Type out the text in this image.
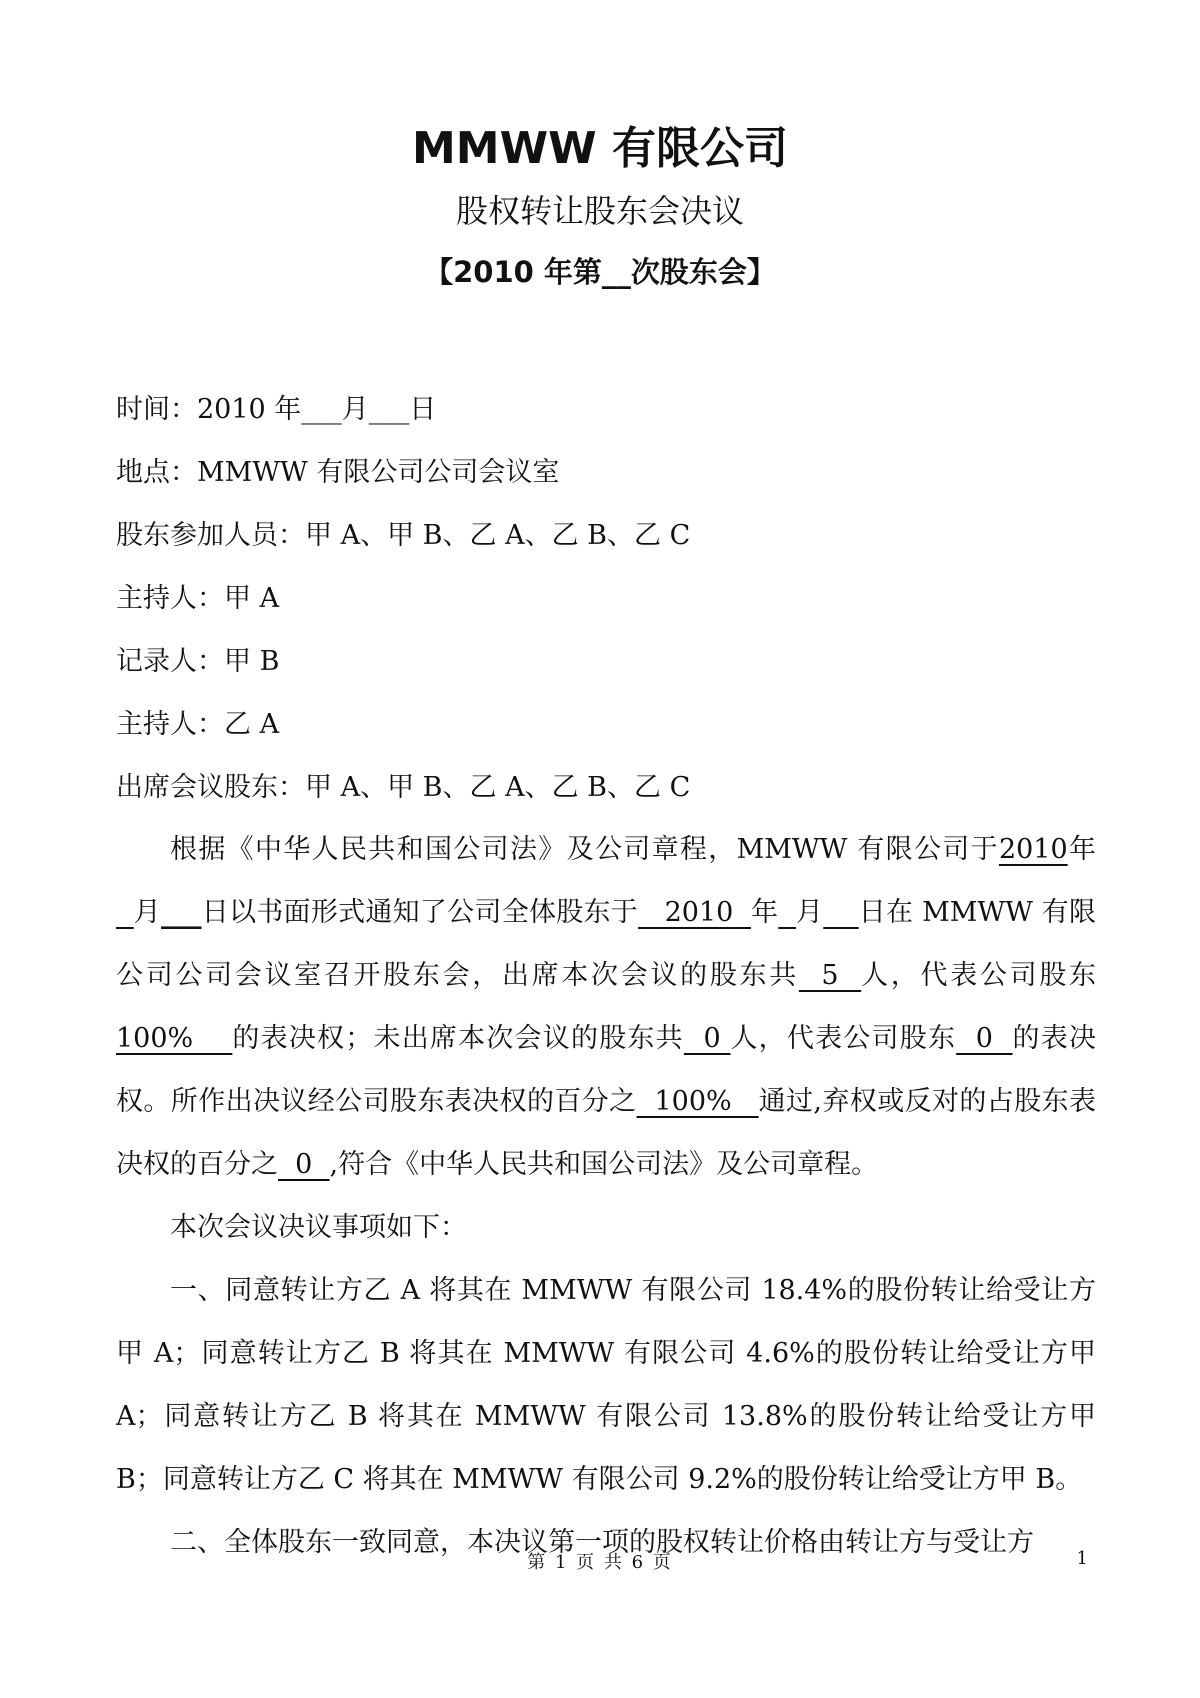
MMWW 有限公司
股权转让股东会决议
【2010 年第__次股东会】
时间：2010 年___月___日
地点：MMWW 有限公司公司会议室
股东参加人员：甲 A、甲 B、乙 A、乙 B、乙 C
主持人：甲 A
记录人：甲 B
主持人：乙 A
出席会议股东：甲 A、甲 B、乙 A、乙 B、乙 C

根据《中华人民共和国公司法》及公司章程，MMWW 有限公司于2010年  月___日以书面形式通知了公司全体股东于   2010  年 月 日在 MMWW 有限公司公司会议室召开股东会，出席本次会议的股东共  5  人，代表公司股东100%    的表决权；未出席本次会议的股东共  0 人，代表公司股东  0  的表决权。所作出决议经公司股东表决权的百分之  100%   通过,弃权或反对的占股东表决权的百分之  0  ,符合《中华人民共和国公司法》及公司章程。

本次会议决议事项如下：

一、同意转让方乙 A 将其在 MMWW 有限公司 18.4%的股份转让给受让方甲 A；同意转让方乙 B 将其在 MMWW 有限公司 4.6%的股份转让给受让方甲 A；同意转让方乙 B 将其在 MMWW 有限公司 13.8%的股份转让给受让方甲 B；同意转让方乙 C 将其在 MMWW 有限公司 9.2%的股份转让给受让方甲 B。

二、全体股东一致同意，本决议第一项的股权转让价格由转让方与受让方

第 1 页 共 6 页	1
